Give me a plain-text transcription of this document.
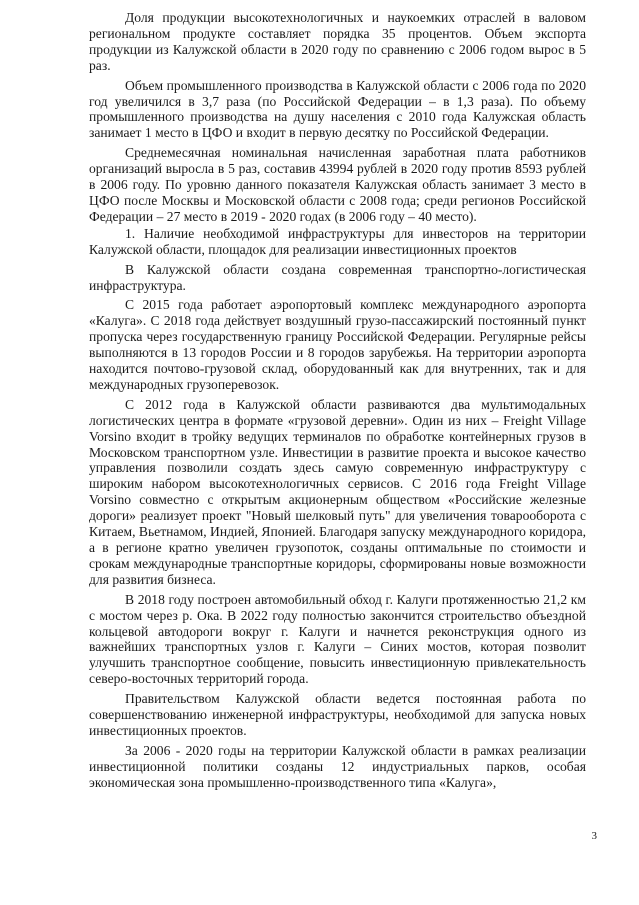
Доля продукции высокотехнологичных и наукоемких отраслей в валовом региональном продукте составляет порядка 35 процентов. Объем экспорта продукции из Калужской области в 2020 году по сравнению с 2006 годом вырос в 5 раз.

Объем промышленного производства в Калужской области с 2006 года по 2020 год увеличился в 3,7 раза (по Российской Федерации – в 1,3 раза). По объему промышленного производства на душу населения с 2010 года Калужская область занимает 1 место в ЦФО и входит в первую десятку по Российской Федерации.

Среднемесячная номинальная начисленная заработная плата работников организаций выросла в 5 раз, составив 43994 рублей в 2020 году против 8593 рублей в 2006 году. По уровню данного показателя Калужская область занимает 3 место в ЦФО после Москвы и Московской области с 2008 года; среди регионов Российской Федерации – 27 место в 2019 - 2020 годах (в 2006 году – 40 место).

1. Наличие необходимой инфраструктуры для инвесторов на территории Калужской области, площадок для реализации инвестиционных проектов

В Калужской области создана современная транспортно-логистическая инфраструктура.

С 2015 года работает аэропортовый комплекс международного аэропорта «Калуга». С 2018 года действует воздушный грузо-пассажирский постоянный пункт пропуска через государственную границу Российской Федерации. Регулярные рейсы выполняются в 13 городов России и 8 городов зарубежья. На территории аэропорта находится почтово-грузовой склад, оборудованный как для внутренних, так и для международных грузоперевозок.

С 2012 года в Калужской области развиваются два мультимодальных логистических центра в формате «грузовой деревни». Один из них – Freight Village Vorsino входит в тройку ведущих терминалов по обработке контейнерных грузов в Московском транспортном узле. Инвестиции в развитие проекта и высокое качество управления позволили создать здесь самую современную инфраструктуру с широким набором высокотехнологичных сервисов. С 2016 года Freight Village Vorsino совместно с открытым акционерным обществом «Российские железные дороги» реализует проект "Новый шелковый путь" для увеличения товарооборота с Китаем, Вьетнамом, Индией, Японией. Благодаря запуску международного коридора, а в регионе кратно увеличен грузопоток, созданы оптимальные по стоимости и срокам международные транспортные коридоры, сформированы новые возможности для развития бизнеса.

В 2018 году построен автомобильный обход г. Калуги протяженностью 21,2 км с мостом через р. Ока. В 2022 году полностью закончится строительство объездной кольцевой автодороги вокруг г. Калуги и начнется реконструкция одного из важнейших транспортных узлов г. Калуги – Синих мостов, которая позволит улучшить транспортное сообщение, повысить инвестиционную привлекательность северо-восточных территорий города.

Правительством Калужской области ведется постоянная работа по совершенствованию инженерной инфраструктуры, необходимой для запуска новых инвестиционных проектов.

За 2006 - 2020 годы на территории Калужской области в рамках реализации инвестиционной политики созданы 12 индустриальных парков, особая экономическая зона промышленно-производственного типа «Калуга»,

3
